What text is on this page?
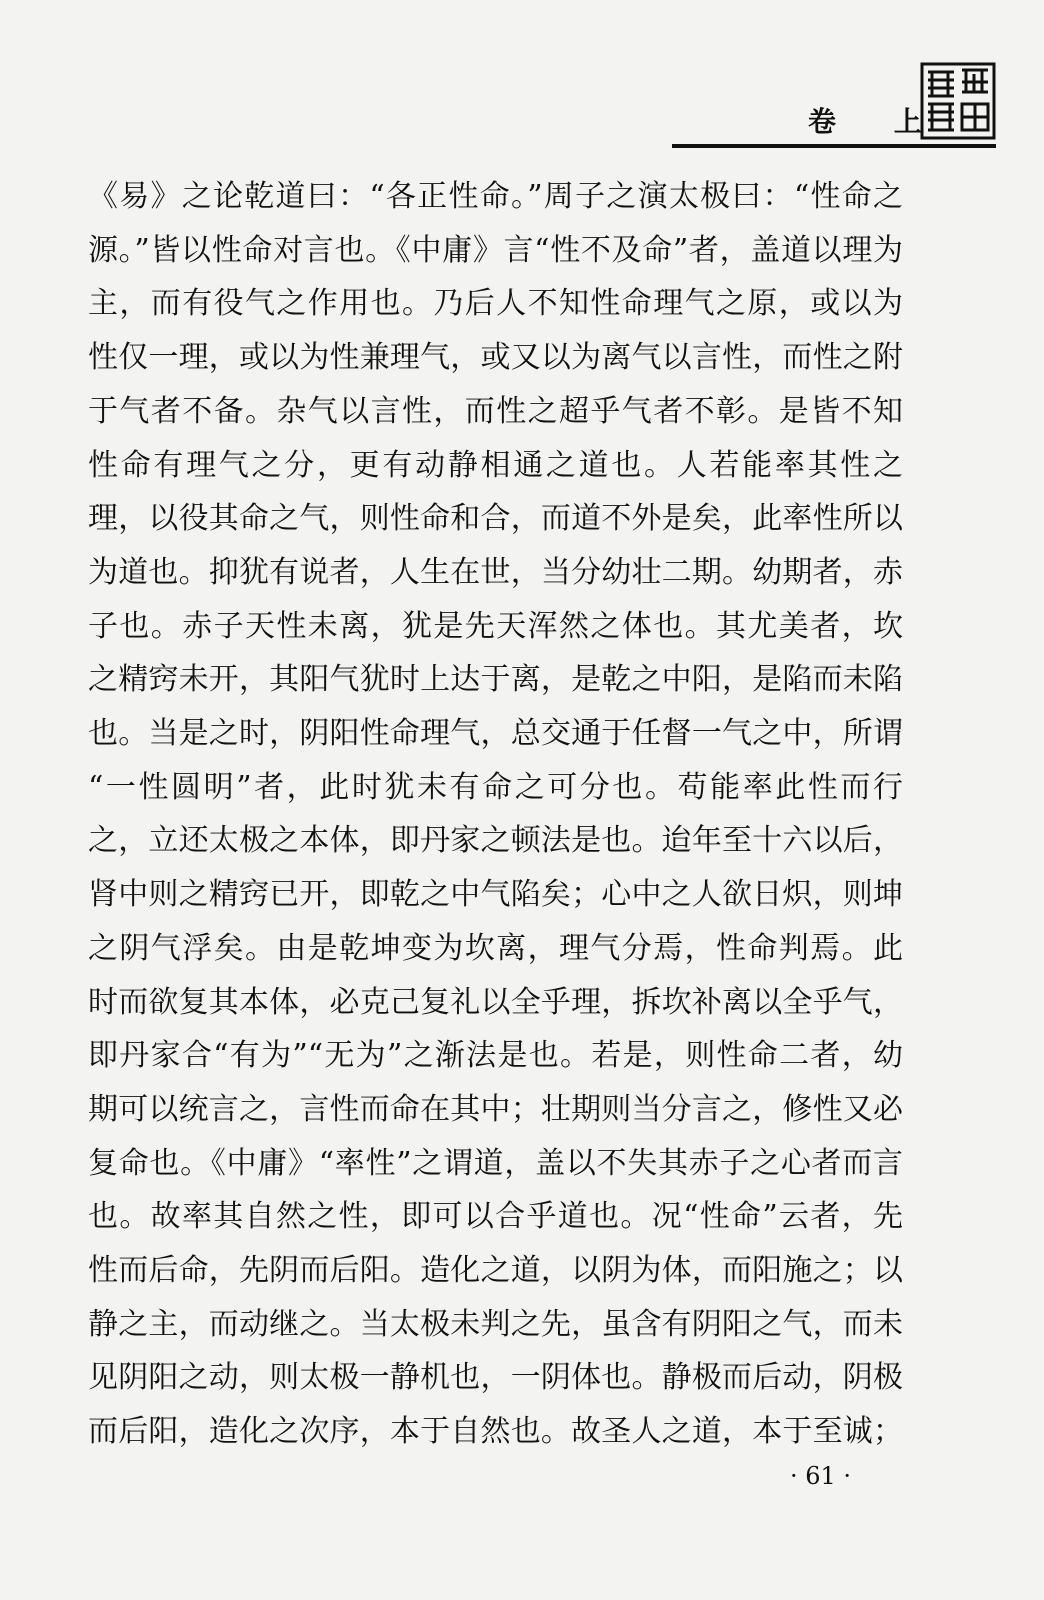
卷 上
《易》之论乾道曰：“各正性命。”周子之演太极曰：“性命之
源。”皆以性命对言也。《中庸》言“性不及命”者，盖道以理为
主，而有役气之作用也。乃后人不知性命理气之原，或以为
性仅一理，或以为性兼理气，或又以为离气以言性，而性之附
于气者不备。杂气以言性，而性之超乎气者不彰。是皆不知
性命有理气之分，更有动静相通之道也。人若能率其性之
理，以役其命之气，则性命和合，而道不外是矣，此率性所以
为道也。抑犹有说者，人生在世，当分幼壮二期。幼期者，赤
子也。赤子天性未离，犹是先天浑然之体也。其尤美者，坎
之精窍未开，其阳气犹时上达于离，是乾之中阳，是陷而未陷
也。当是之时，阴阳性命理气，总交通于任督一气之中，所谓
“一性圆明”者，此时犹未有命之可分也。苟能率此性而行
之，立还太极之本体，即丹家之顿法是也。迨年至十六以后，
肾中则之精窍已开，即乾之中气陷矣；心中之人欲日炽，则坤
之阴气浮矣。由是乾坤变为坎离，理气分焉，性命判焉。此
时而欲复其本体，必克己复礼以全乎理，拆坎补离以全乎气，
即丹家合“有为”“无为”之渐法是也。若是，则性命二者，幼
期可以统言之，言性而命在其中；壮期则当分言之，修性又必
复命也。《中庸》“率性”之谓道，盖以不失其赤子之心者而言
也。故率其自然之性，即可以合乎道也。况“性命”云者，先
性而后命，先阴而后阳。造化之道，以阴为体，而阳施之；以
静之主，而动继之。当太极未判之先，虽含有阴阳之气，而未
见阴阳之动，则太极一静机也，一阴体也。静极而后动，阴极
而后阳，造化之次序，本于自然也。故圣人之道，本于至诚；
· 61 ·
